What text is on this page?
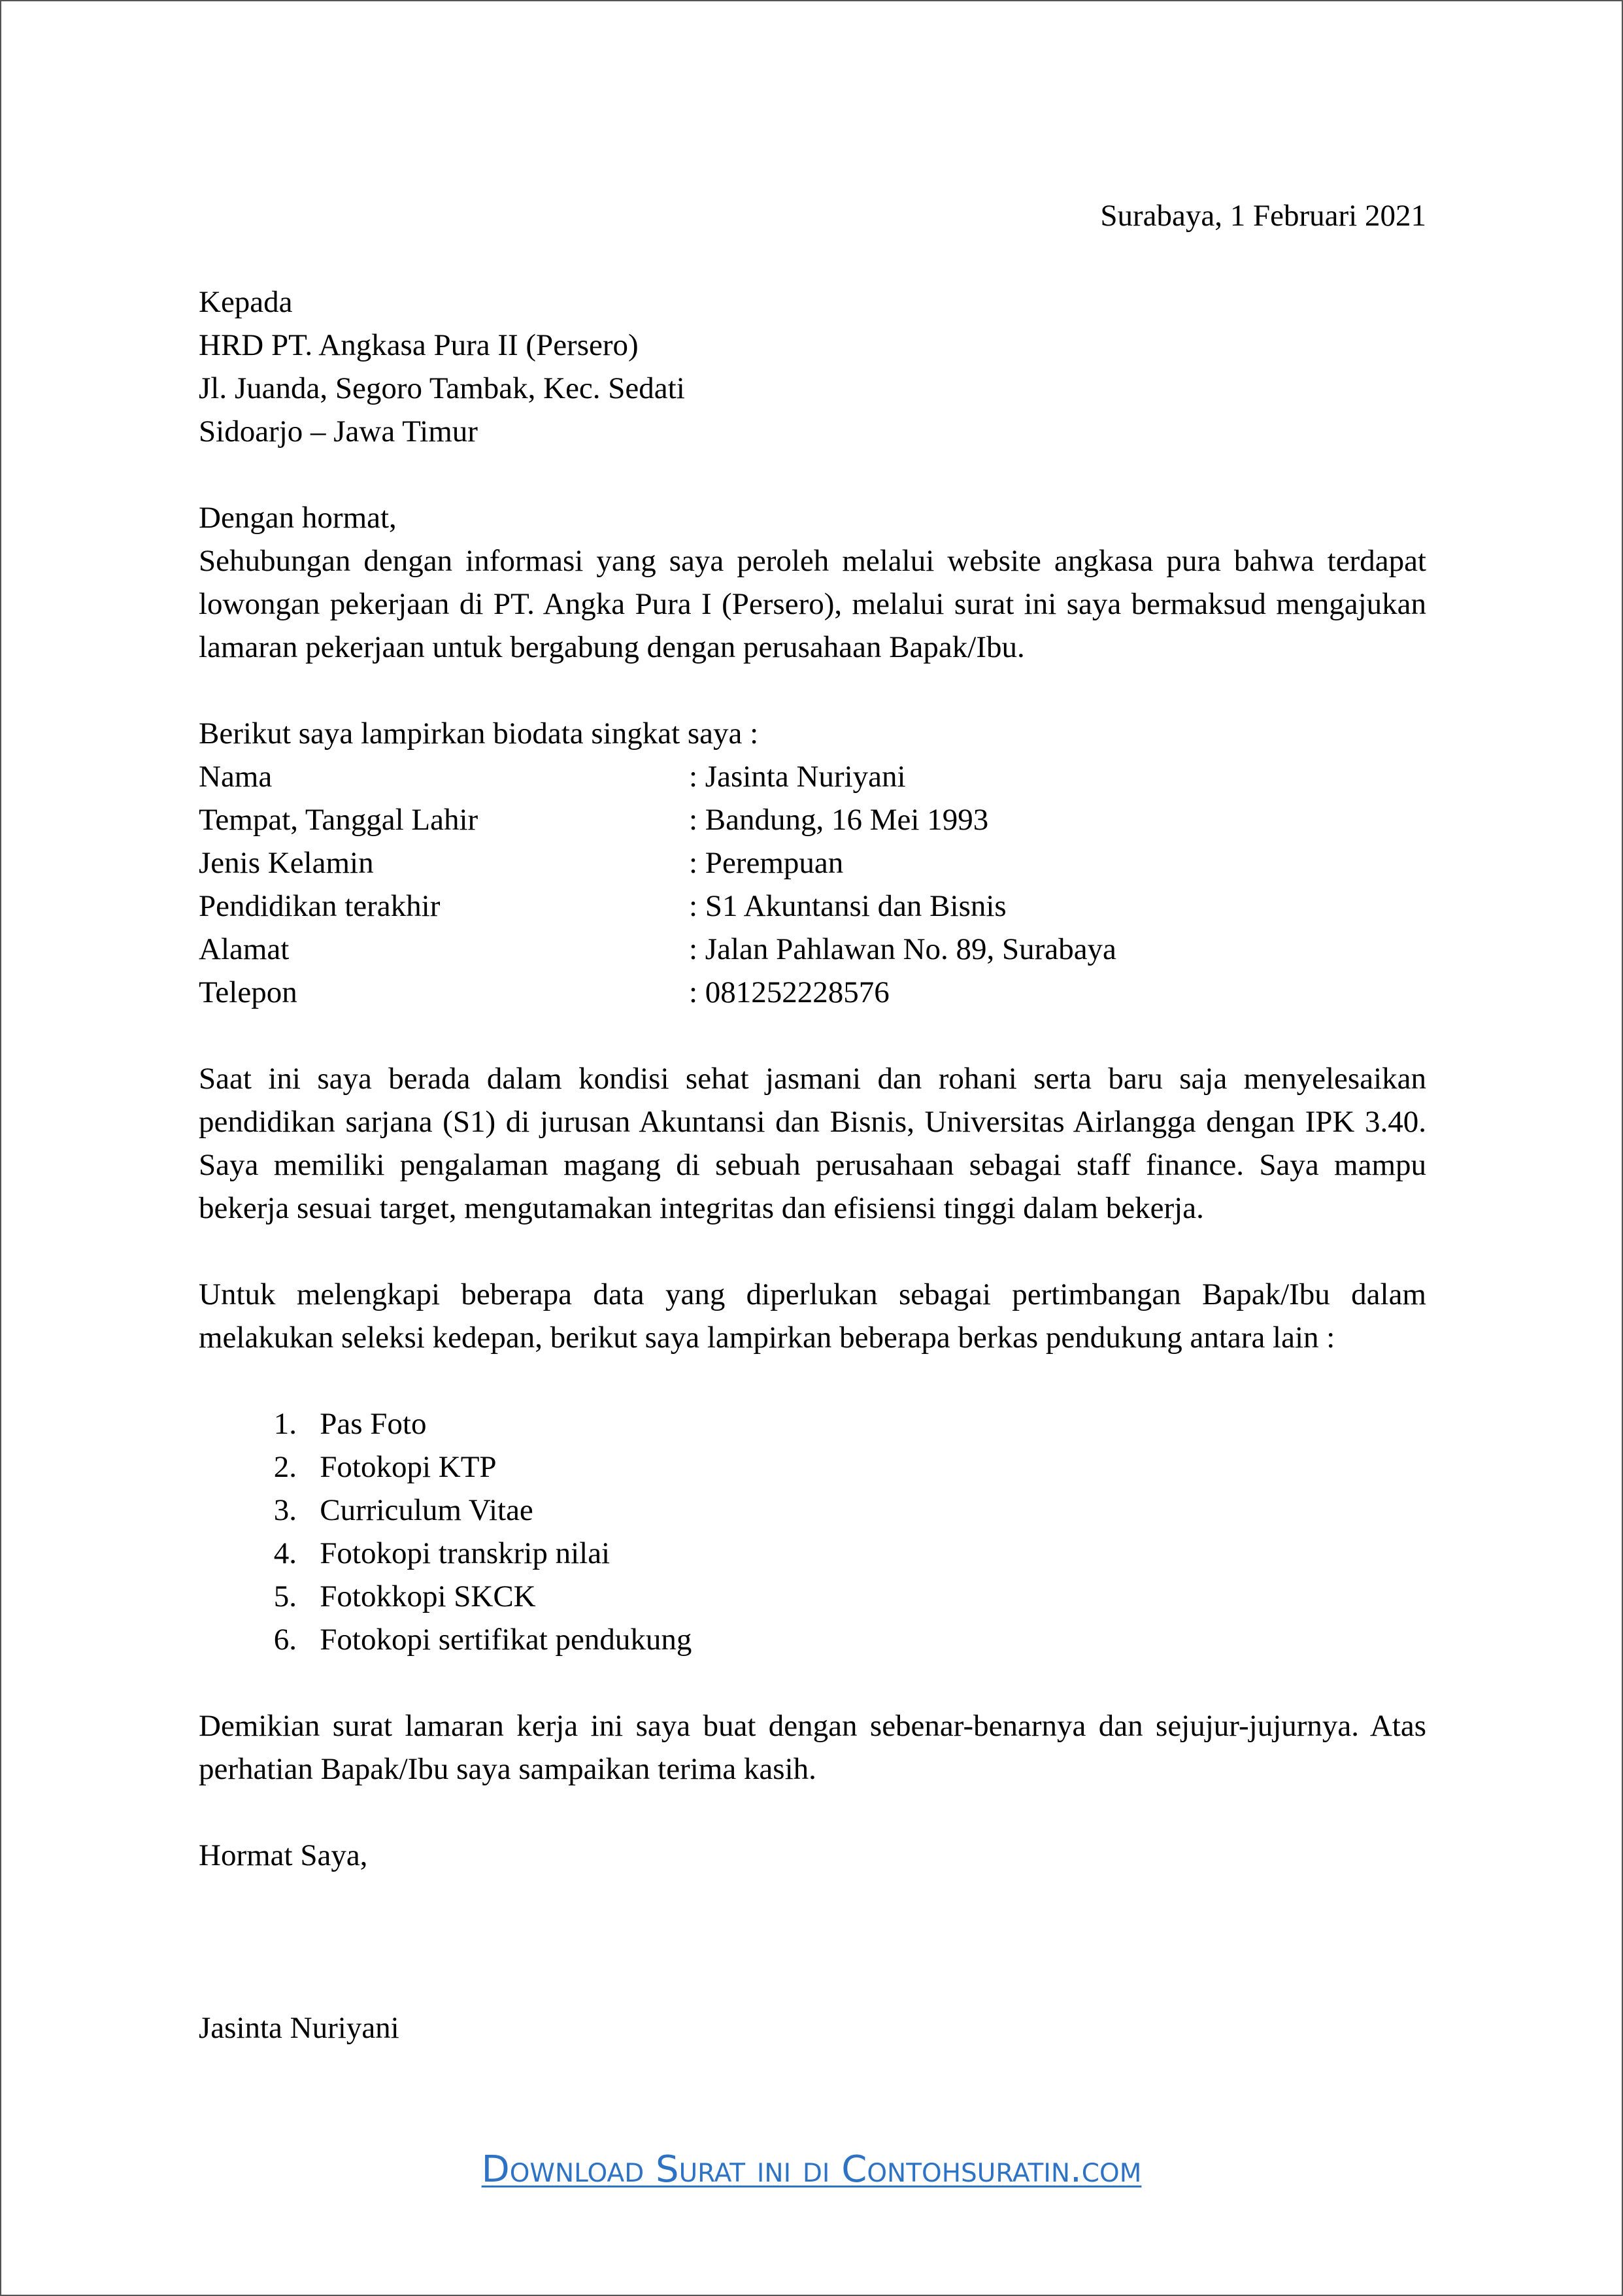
Surabaya, 1 Februari 2021

Kepada

HRD PT. Angkasa Pura II (Persero)

Jl. Juanda, Segoro Tambak, Kec. Sedati

Sidoarjo – Jawa Timur

Dengan hormat,

Sehubungan dengan informasi yang saya peroleh melalui website angkasa pura bahwa terdapat lowongan pekerjaan di PT. Angka Pura I (Persero), melalui surat ini saya bermaksud mengajukan lamaran pekerjaan untuk bergabung dengan perusahaan Bapak/Ibu.

Berikut saya lampirkan biodata singkat saya :

Nama	: Jasinta Nuriyani
Tempat, Tanggal Lahir	: Bandung, 16 Mei 1993
Jenis Kelamin	: Perempuan
Pendidikan terakhir	: S1 Akuntansi dan Bisnis
Alamat	: Jalan Pahlawan No. 89, Surabaya
Telepon	: 081252228576

Saat ini saya berada dalam kondisi sehat jasmani dan rohani serta baru saja menyelesaikan pendidikan sarjana (S1) di jurusan Akuntansi dan Bisnis, Universitas Airlangga dengan IPK 3.40. Saya memiliki pengalaman magang di sebuah perusahaan sebagai staff finance. Saya mampu bekerja sesuai target, mengutamakan integritas dan efisiensi tinggi dalam bekerja.

Untuk melengkapi beberapa data yang diperlukan sebagai pertimbangan Bapak/Ibu dalam melakukan seleksi kedepan, berikut saya lampirkan beberapa berkas pendukung antara lain :

1. Pas Foto
2. Fotokopi KTP
3. Curriculum Vitae
4. Fotokopi transkrip nilai
5. Fotokkopi SKCK
6. Fotokopi sertifikat pendukung

Demikian surat lamaran kerja ini saya buat dengan sebenar-benarnya dan sejujur-jujurnya. Atas perhatian Bapak/Ibu saya sampaikan terima kasih.

Hormat Saya,

Jasinta Nuriyani

Download Surat ini di Contohsuratin.com
